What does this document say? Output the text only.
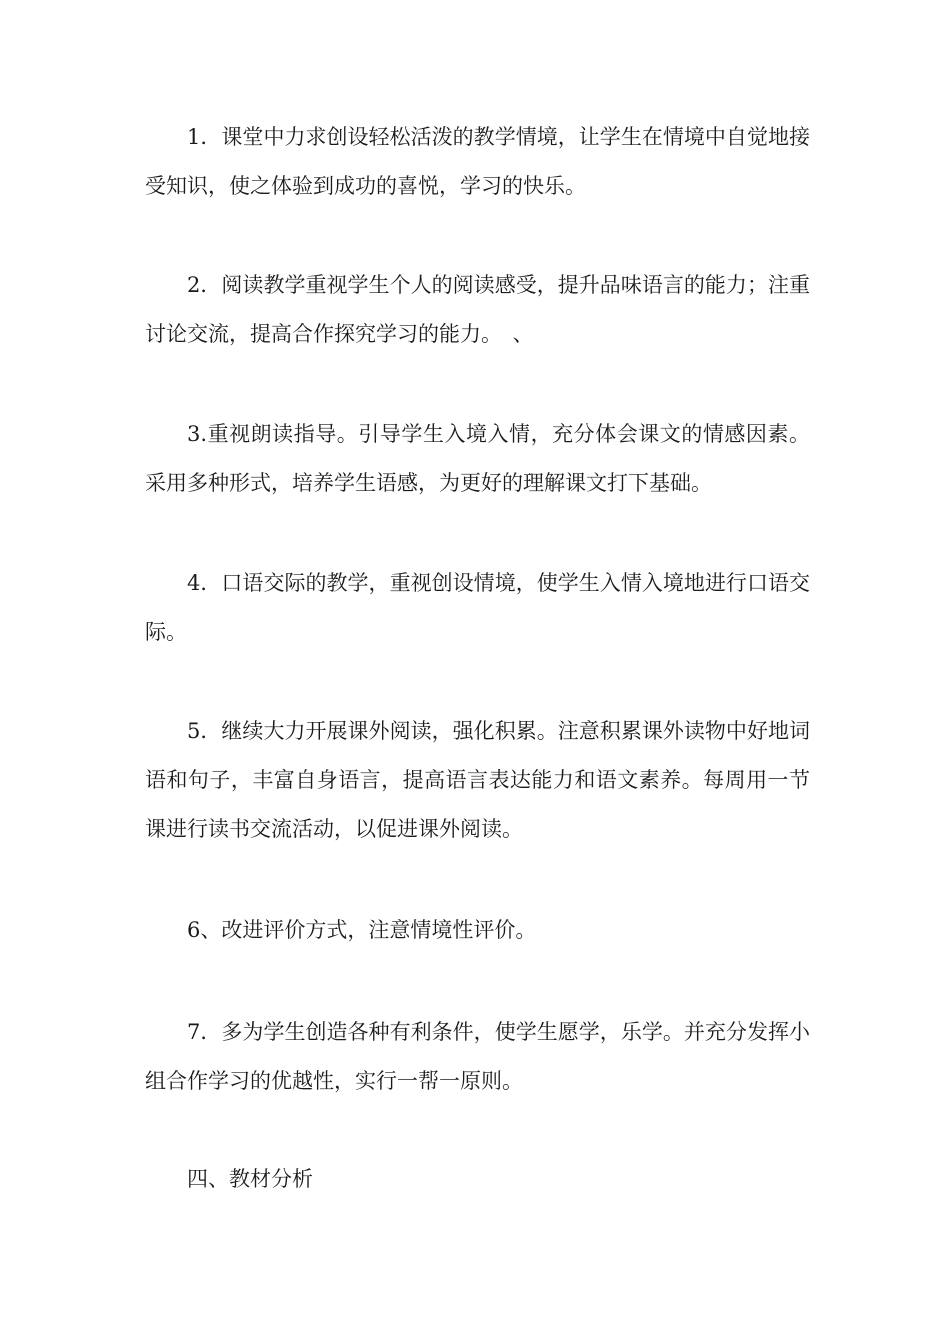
1．课堂中力求创设轻松活泼的教学情境，让学生在情境中自觉地接受知识，使之体验到成功的喜悦，学习的快乐。

2．阅读教学重视学生个人的阅读感受，提升品味语言的能力；注重讨论交流，提高合作探究学习的能力。　、

3.重视朗读指导。引导学生入境入情，充分体会课文的情感因素。采用多种形式，培养学生语感，为更好的理解课文打下基础。

4．口语交际的教学，重视创设情境，使学生入情入境地进行口语交际。

5．继续大力开展课外阅读，强化积累。注意积累课外读物中好地词语和句子，丰富自身语言，提高语言表达能力和语文素养。每周用一节课进行读书交流活动，以促进课外阅读。

6、改进评价方式，注意情境性评价。

7．多为学生创造各种有利条件，使学生愿学，乐学。并充分发挥小组合作学习的优越性，实行一帮一原则。

四、教材分析
